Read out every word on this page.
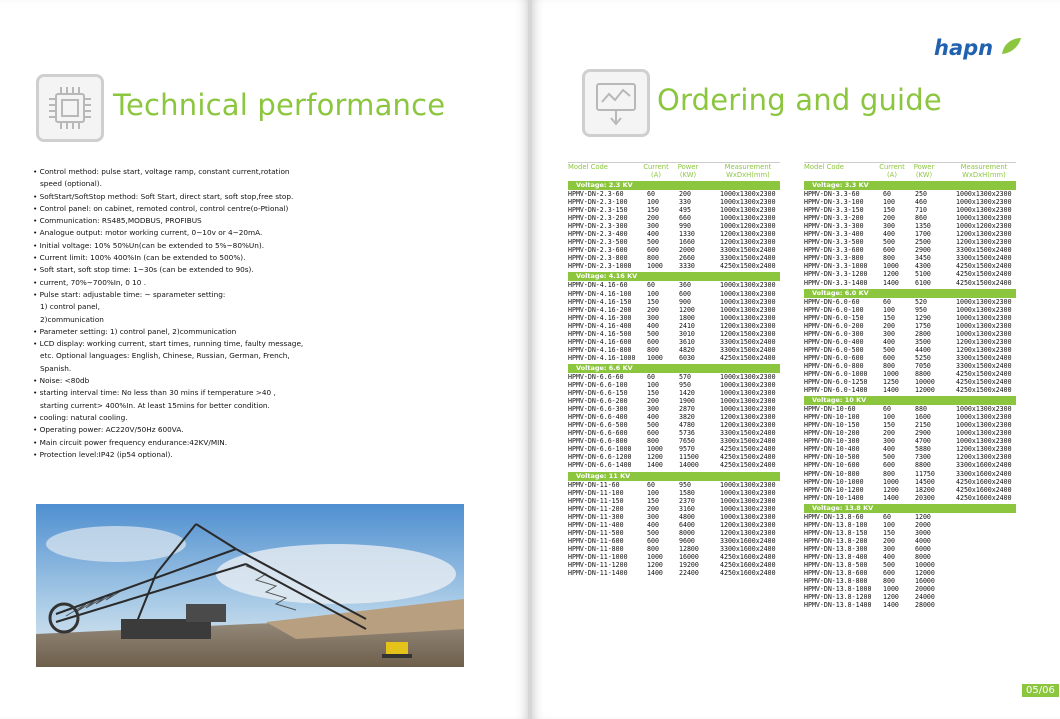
Technical performance
• Control method: pulse start, voltage ramp, constant current,rotation
speed (optional).
• SoftStart/SoftStop method: Soft Start, direct start, soft stop,free stop.
• Control panel: on cabinet, remoted control, control centre(o-Ptional)
• Communication: RS485,MODBUS, PROFIBUS
• Analogue output: motor working current, 0~10v or 4~20mA.
• Initial voltage: 10% 50%Un(can be extended to 5%~80%Un).
• Current limit: 100% 400%In (can be extended to 500%).
• Soft start, soft stop time: 1~30s (can be extended to 90s).
• current, 70%~700%In, 0 10 .
• Pulse start: adjustable time: ~ sparameter setting:
1) control panel,
2)communication
• Parameter setting: 1) control panel, 2)communication
• LCD display: working current, start times, running time, faulty message,
etc. Optional languages: English, Chinese, Russian, German, French,
Spanish.
• Noise: <80db
• starting interval time: No less than 30 mins if temperature >40 ,
starting current> 400%In. At least 15mins for better condition.
• cooling: natural cooling.
• Operating power: AC220V/50Hz 600VA.
• Main circuit power frequency endurance:42KV/MIN.
• Protection level:IP42 (ip54 optional).
hapn
Ordering and guide
Model Code	Current
(A)
Power
(KW)
Measurement
WxDxH(mm)
Voltage: 2.3 KV
HPMV-DN-2.3-60	60	200	1000x1300x2300
HPMV-DN-2.3-100	100	330	1000x1300x2300
HPMV-DN-2.3-150	150	495	1000x1300x2300
HPMV-DN-2.3-200	200	660	1000x1300x2300
HPMV-DN-2.3-300	300	990	1000x1200x2300
HPMV-DN-2.3-400	400	1330	1200x1300x2300
HPMV-DN-2.3-500	500	1660	1200x1300x2300
HPMV-DN-2.3-600	600	2000	3300x1500x2400
HPMV-DN-2.3-800	800	2660	3300x1500x2400
HPMV-DN-2.3-1000 1000 3330	4250x1500x2400
Voltage: 4.16 KV
HPMV-DN-4.16-60	60	360	1000x1300x2300
HPMV-DN-4.16-100 100	600	1000x1300x2300
HPMV-DN-4.16-150 150	900	1000x1300x2300
HPMV-DN-4.16-200 200	1200	1000x1300x2300
HPMV-DN-4.16-300 300	1800	1000x1300x2300
HPMV-DN-4.16-400 400	2410	1200x1300x2300
HPMV-DN-4.16-500 500	3010	1200x1500x2300
HPMV-DN-4.16-600 600	3610	3300x1500x2400
HPMV-DN-4.16-800 800	4820	3300x1500x2400
HPMV-DN-4.16-1000 1000 6030	4250x1500x2400
Voltage: 6.6 KV
HPMV-DN-6.6-60	60	570	1000x1300x2300
HPMV-DN-6.6-100	100	950	1000x1300x2300
HPMV-DN-6.6-150	150	1420	1000x1300x2300
HPMV-DN-6.6-200	200	1900	1000x1300x2300
HPMV-DN-6.6-300	300	2870	1000x1300x2300
HPMV-DN-6.6-400	400	3820	1200x1300x2300
HPMV-DN-6.6-500	500	4780	1200x1300x2300
HPMV-DN-6.6-600	600	5736	3300x1500x2400
HPMV-DN-6.6-800	800	7650	3300x1500x2400
HPMV-DN-6.6-1000 1000 9570	4250x1500x2400
HPMV-DN-6.6-1200 1200 11500	4250x1500x2400
HPMV-DN-6.6-1400 1400 14000	4250x1500x2400
Voltage: 11 KV
HPMV-DN-11-60	60	950	1000x1300x2300
HPMV-DN-11-100	100	1580	1000x1300x2300
HPMV-DN-11-150	150	2370	1000x1300x2300
HPMV-DN-11-200	200	3160	1000x1300x2300
HPMV-DN-11-300	300	4800	1000x1300x2300
HPMV-DN-11-400	400	6400	1200x1300x2300
HPMV-DN-11-500	500	8000	1200x1300x2300
HPMV-DN-11-600	600	9600	3300x1600x2400
HPMV-DN-11-800	800	12800	3300x1600x2400
HPMV-DN-11-1000	1000 16000	4250x1600x2400
HPMV-DN-11-1200	1200 19200	4250x1600x2400
HPMV-DN-11-1400	1400 22400	4250x1600x2400
Model Code	Current
(A)
Power
(KW)
Measurement
WxDxH(mm)
Voltage: 3.3 KV
HPMV-DN-3.3-60	60	250	1000x1300x2300
HPMV-DN-3.3-100	100	460	1000x1300x2300
HPMV-DN-3.3-150	150	710	1000x1300x2300
HPMV-DN-3.3-200	200	860	1000x1300x2300
HPMV-DN-3.3-300	300	1350	1000x1200x2300
HPMV-DN-3.3-400	400	1700	1200x1300x2300
HPMV-DN-3.3-500	500	2500	1200x1300x2300
HPMV-DN-3.3-600	600	2900	3300x1500x2400
HPMV-DN-3.3-800	800	3450	3300x1500x2400
HPMV-DN-3.3-1000 1000 4300	4250x1500x2400
HPMV-DN-3.3-1200 1200 5100	4250x1500x2400
HPMV-DN-3.3-1400 1400 6100	4250x1500x2400
Voltage: 6.0 KV
HPMV-DN-6.0-60	60	520	1000x1300x2300
HPMV-DN-6.0-100	100	950	1000x1300x2300
HPMV-DN-6.0-150	150	1290	1000x1300x2300
HPMV-DN-6.0-200	200	1750	1000x1300x2300
HPMV-DN-6.0-300	300	2800	1000x1300x2300
HPMV-DN-6.0-400	400	3500	1200x1300x2300
HPMV-DN-6.0-500	500	4400	1200x1300x2300
HPMV-DN-6.0-600	600	5250	3300x1500x2400
HPMV-DN-6.0-800	800	7050	3300x1500x2400
HPMV-DN-6.0-1000 1000 8800	4250x1500x2400
HPMV-DN-6.0-1250 1250 10000	4250x1500x2400
HPMV-DN-6.0-1400 1400 12000	4250x1500x2400
Voltage: 10 KV
HPMV-DN-10-60	60	880	1000x1300x2300
HPMV-DN-10-100	100	1600	1000x1300x2300
HPMV-DN-10-150	150	2150	1000x1300x2300
HPMV-DN-10-200	200	2900	1000x1300x2300
HPMV-DN-10-300	300	4700	1000x1300x2300
HPMV-DN-10-400	400	5880	1200x1300x2300
HPMV-DN-10-500	500	7300	1200x1300x2300
HPMV-DN-10-600	600	8800	3300x1600x2400
HPMV-DN-10-800	800	11750	3300x1600x2400
HPMV-DN-10-1000	1000 14500	4250x1600x2400
HPMV-DN-10-1200	1200 18200	4250x1600x2400
HPMV-DN-10-1400	1400 20300	4250x1600x2400
Voltage: 13.8 KV
HPMV-DN-13.8-60	60	1200
HPMV-DN-13.8-100 100	2000
HPMV-DN-13.8-150 150	3000
HPMV-DN-13.8-200 200	4000
HPMV-DN-13.8-300 300	6000
HPMV-DN-13.8-400 400	8000
HPMV-DN-13.8-500 500	10000
HPMV-DN-13.8-600 600	12000
HPMV-DN-13.8-800 800	16000
HPMV-DN-13.8-1000 1000 20000
HPMV-DN-13.8-1200 1200 24000
HPMV-DN-13.8-1400 1400 28000
05/06
